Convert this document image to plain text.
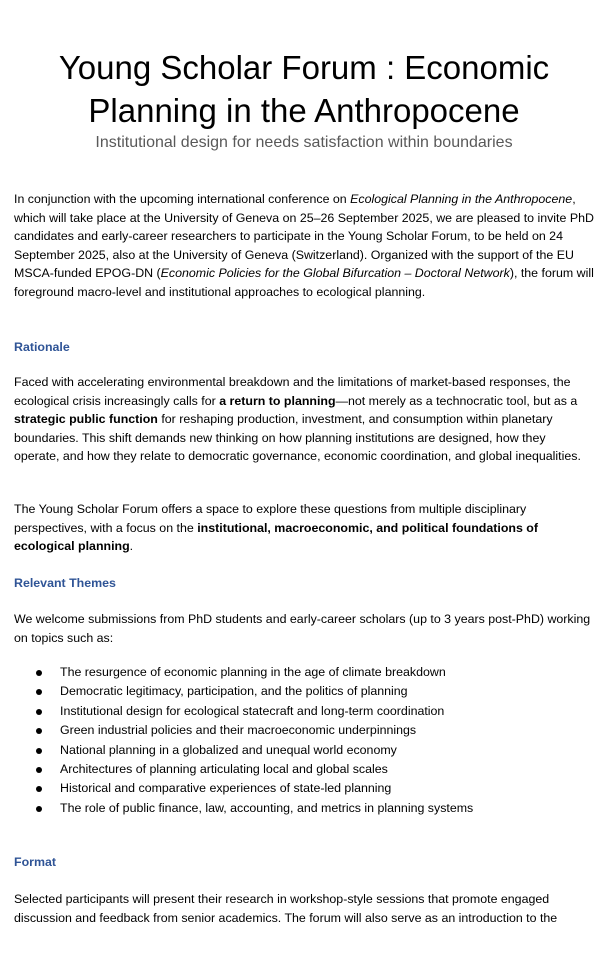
Young Scholar Forum : Economic
Planning in the Anthropocene

Institutional design for needs satisfaction within boundaries

In conjunction with the upcoming international conference on Ecological Planning in the Anthropocene, which will take place at the University of Geneva on 25–26 September 2025, we are pleased to invite PhD candidates and early-career researchers to participate in the Young Scholar Forum, to be held on 24 September 2025, also at the University of Geneva (Switzerland). Organized with the support of the EU MSCA-funded EPOG-DN (Economic Policies for the Global Bifurcation – Doctoral Network), the forum will foreground macro-level and institutional approaches to ecological planning.

Rationale

Faced with accelerating environmental breakdown and the limitations of market-based responses, the ecological crisis increasingly calls for a return to planning—not merely as a technocratic tool, but as a strategic public function for reshaping production, investment, and consumption within planetary boundaries. This shift demands new thinking on how planning institutions are designed, how they operate, and how they relate to democratic governance, economic coordination, and global inequalities.

The Young Scholar Forum offers a space to explore these questions from multiple disciplinary perspectives, with a focus on the institutional, macroeconomic, and political foundations of ecological planning.

Relevant Themes

We welcome submissions from PhD students and early-career scholars (up to 3 years post-PhD) working on topics such as:

The resurgence of economic planning in the age of climate breakdown
Democratic legitimacy, participation, and the politics of planning
Institutional design for ecological statecraft and long-term coordination
Green industrial policies and their macroeconomic underpinnings
National planning in a globalized and unequal world economy
Architectures of planning articulating local and global scales
Historical and comparative experiences of state-led planning
The role of public finance, law, accounting, and metrics in planning systems
Format

Selected participants will present their research in workshop-style sessions that promote engaged discussion and feedback from senior academics. The forum will also serve as an introduction to the
